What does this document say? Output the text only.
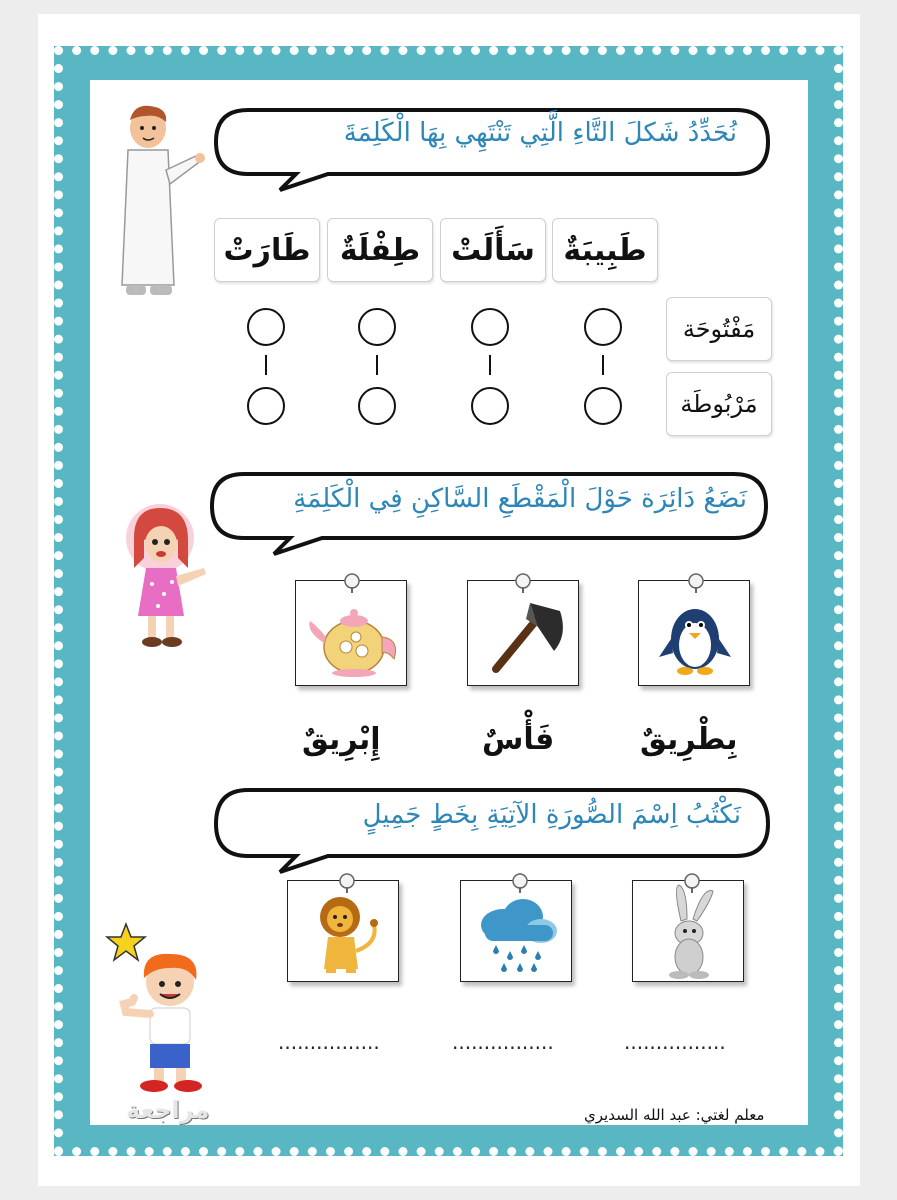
نُحَدِّدُ شَكلَ التَّاءِ الَّتِي تَنْتَهِي بِهَا الْكَلِمَةَ
طَبِيبَةٌ
سَأَلَتْ
طِفْلَةٌ
طَارَتْ
مَفْتُوحَة
مَرْبُوطَة
نَضَعُ دَائِرَة حَوْلَ الْمَقْطَعِ السَّاكِنِ فِي الْكَلِمَةِ
بِطْرِيقٌ
فَأْسٌ
إِبْرِيقٌ
نَكْتُبُ اِسْمَ الصُّورَةِ الآتِيَةِ بِخَطٍ جَمِيلٍ
................
................
................
معلم لغتي: عبد الله السديري
مراجعة
